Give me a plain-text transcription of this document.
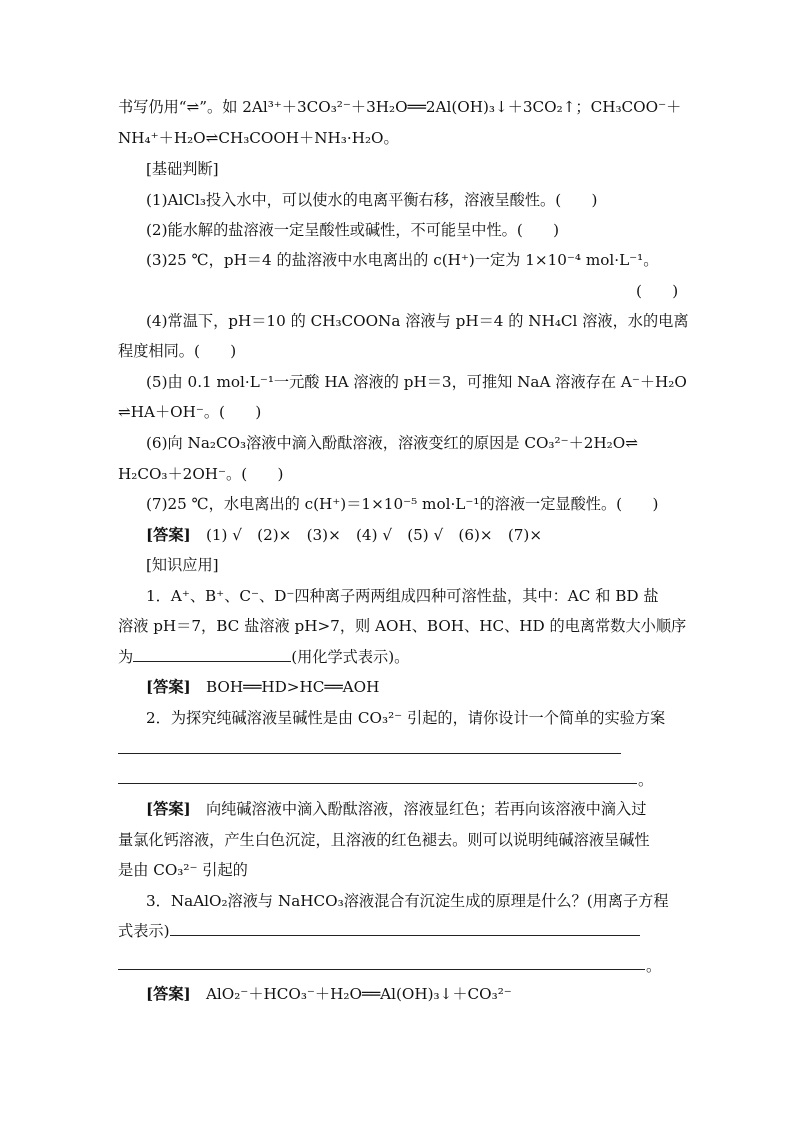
书写仍用“⇌”。如 2Al³⁺＋3CO₃²⁻＋3H₂O══2Al(OH)₃↓＋3CO₂↑；CH₃COO⁻＋
NH₄⁺＋H₂O⇌CH₃COOH＋NH₃·H₂O。
[基础判断]
(1)AlCl₃投入水中，可以使水的电离平衡右移，溶液呈酸性。(　　)
(2)能水解的盐溶液一定呈酸性或碱性，不可能呈中性。(　　)
(3)25 ℃，pH＝4 的盐溶液中水电离出的 c(H⁺)一定为 1×10⁻⁴ mol·L⁻¹。
(　　)
(4)常温下，pH＝10 的 CH₃COONa 溶液与 pH＝4 的 NH₄Cl 溶液，水的电离
程度相同。(　　)
(5)由 0.1 mol·L⁻¹一元酸 HA 溶液的 pH＝3，可推知 NaA 溶液存在 A⁻＋H₂O
⇌HA＋OH⁻。(　　)
(6)向 Na₂CO₃溶液中滴入酚酞溶液，溶液变红的原因是 CO₃²⁻＋2H₂O⇌
H₂CO₃＋2OH⁻。(　　)
(7)25 ℃，水电离出的 c(H⁺)＝1×10⁻⁵ mol·L⁻¹的溶液一定显酸性。(　　)
[答案]　 (1) √　(2)×　(3)×　(4) √　(5) √　(6)×　(7)×
[知识应用]
1．A⁺、B⁺、C⁻、D⁻四种离子两两组成四种可溶性盐，其中：AC 和 BD 盐
溶液 pH＝7，BC 盐溶液 pH>7，则 AOH、BOH、HC、HD 的电离常数大小顺序
为	(用化学式表示)。
[答案]　 BOH══HD>HC══AOH
2．为探究纯碱溶液呈碱性是由 CO₃²⁻ 引起的，请你设计一个简单的实验方案
。
[答案]　 向纯碱溶液中滴入酚酞溶液，溶液显红色；若再向该溶液中滴入过
量氯化钙溶液，产生白色沉淀，且溶液的红色褪去。则可以说明纯碱溶液呈碱性
是由 CO₃²⁻ 引起的
3．NaAlO₂溶液与 NaHCO₃溶液混合有沉淀生成的原理是什么？(用离子方程
式表示)
。
[答案]　 AlO₂⁻＋HCO₃⁻＋H₂O══Al(OH)₃↓＋CO₃²⁻
